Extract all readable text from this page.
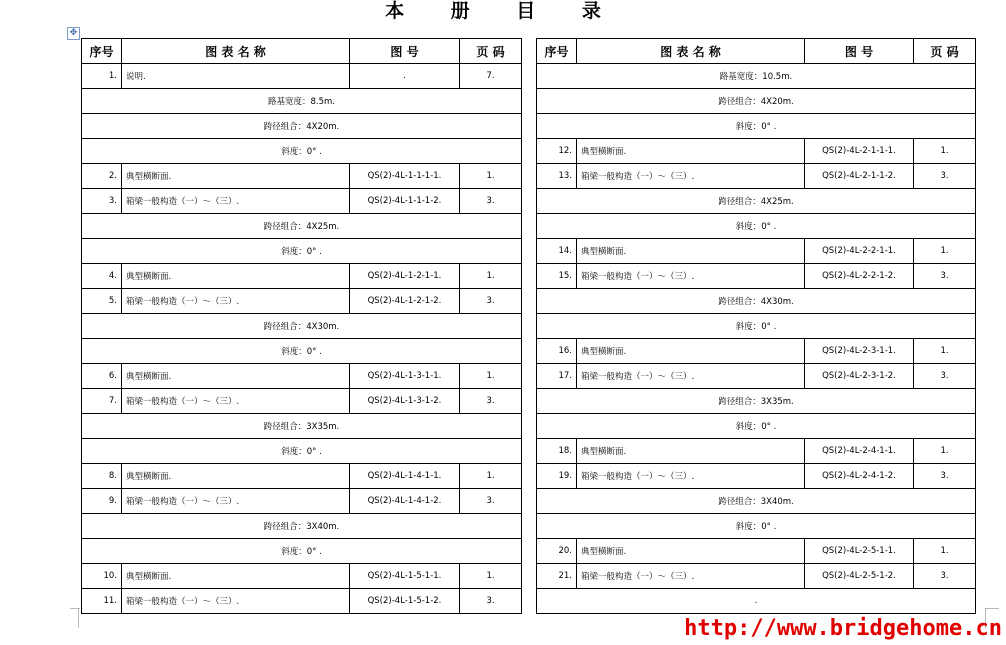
本 册 目 录
✥
序号	图 表 名 称	图 号	页 码
1.	说明.	.	7.
路基宽度：8.5m.			
跨径组合：4X20m.			
斜度：0° .			
2.	典型横断面.	QS(2)-4L-1-1-1-1.	1.
3.	箱梁一般构造（一）～（三）.	QS(2)-4L-1-1-1-2.	3.
跨径组合：4X25m.			
斜度：0° .			
4.	典型横断面.	QS(2)-4L-1-2-1-1.	1.
5.	箱梁一般构造（一）～（三）.	QS(2)-4L-1-2-1-2.	3.
跨径组合：4X30m.			
斜度：0° .			
6.	典型横断面.	QS(2)-4L-1-3-1-1.	1.
7.	箱梁一般构造（一）～（三）.	QS(2)-4L-1-3-1-2.	3.
跨径组合：3X35m.			
斜度：0° .			
8.	典型横断面.	QS(2)-4L-1-4-1-1.	1.
9.	箱梁一般构造（一）～（三）.	QS(2)-4L-1-4-1-2.	3.
跨径组合：3X40m.			
斜度：0° .			
10.	典型横断面.	QS(2)-4L-1-5-1-1.	1.
11.	箱梁一般构造（一）～（三）.	QS(2)-4L-1-5-1-2.	3.
序号	图 表 名 称	图 号	页 码
路基宽度：10.5m.			
跨径组合：4X20m.			
斜度：0° .			
12.	典型横断面.	QS(2)-4L-2-1-1-1.	1.
13.	箱梁一般构造（一）～（三）.	QS(2)-4L-2-1-1-2.	3.
跨径组合：4X25m.			
斜度：0° .			
14.	典型横断面.	QS(2)-4L-2-2-1-1.	1.
15.	箱梁一般构造（一）～（三）.	QS(2)-4L-2-2-1-2.	3.
跨径组合：4X30m.			
斜度：0° .			
16.	典型横断面.	QS(2)-4L-2-3-1-1.	1.
17.	箱梁一般构造（一）～（三）.	QS(2)-4L-2-3-1-2.	3.
跨径组合：3X35m.			
斜度：0° .			
18.	典型横断面.	QS(2)-4L-2-4-1-1.	1.
19.	箱梁一般构造（一）～（三）.	QS(2)-4L-2-4-1-2.	3.
跨径组合：3X40m.			
斜度：0° .			
20.	典型横断面.	QS(2)-4L-2-5-1-1.	1.
21.	箱梁一般构造（一）～（三）.	QS(2)-4L-2-5-1-2.	3.
.			
http://www.bridgehome.cn
